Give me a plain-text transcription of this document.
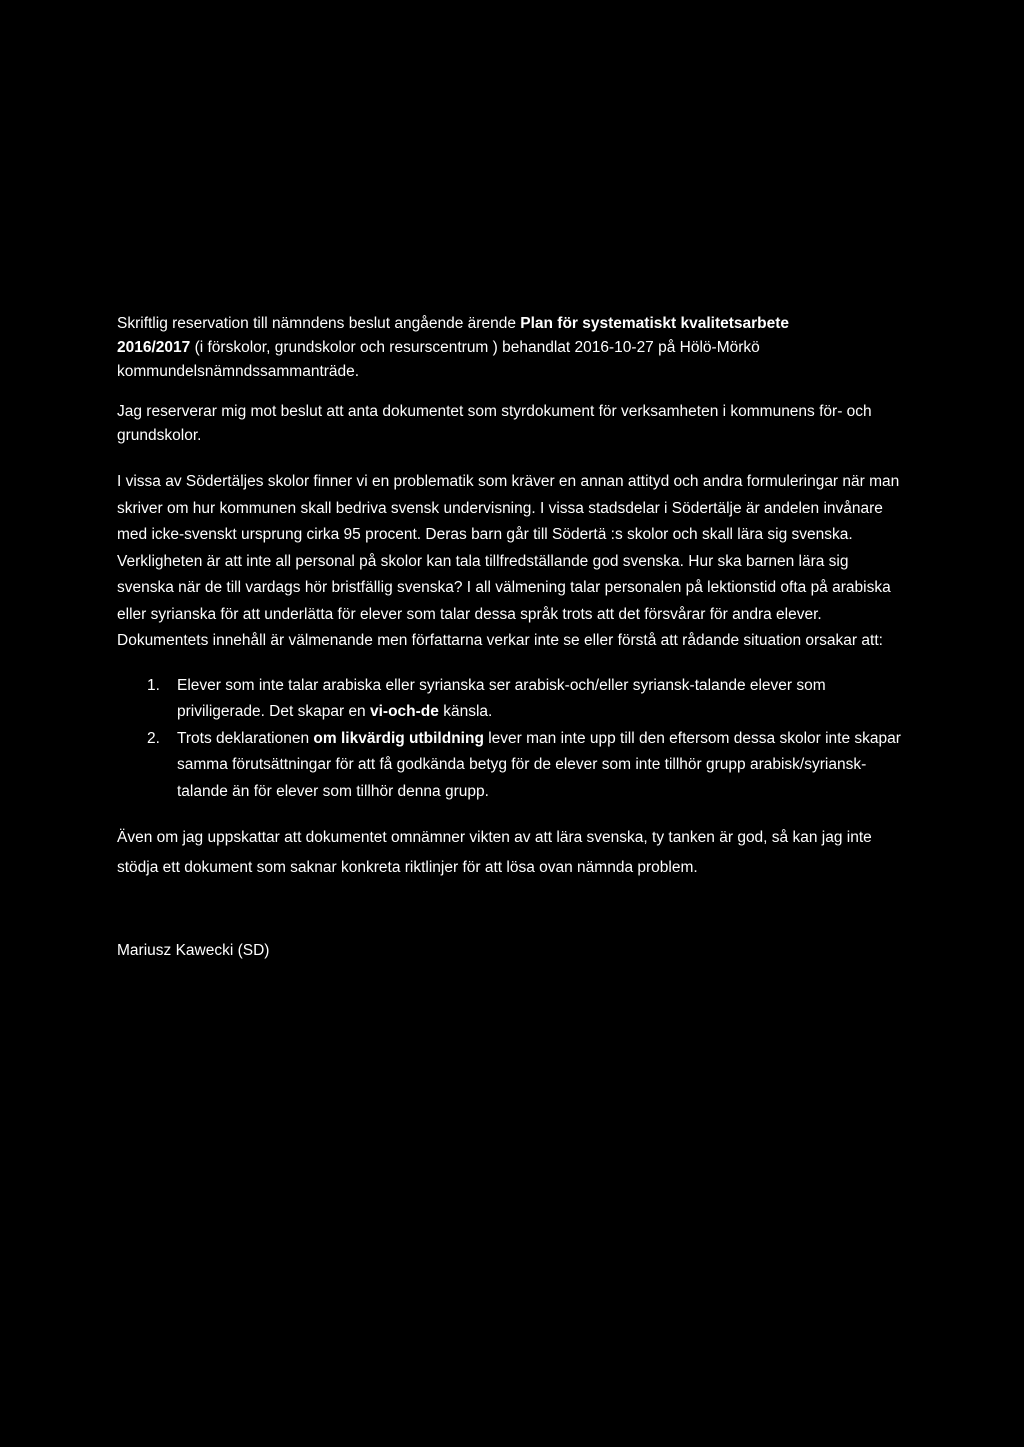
Skriftlig reservation till nämndens beslut angående ärende Plan för systematiskt kvalitetsarbete
2016/2017 (i förskolor, grundskolor och resurscentrum ) behandlat 2016-10-27 på Hölö-Mörkö kommundelsnämndssammanträde.

Jag reserverar mig mot beslut att anta dokumentet som styrdokument för verksamheten i kommunens för- och grundskolor.

I vissa av Södertäljes skolor finner vi en problematik som kräver en annan attityd och andra formuleringar när man skriver om hur kommunen skall bedriva svensk undervisning. I vissa stadsdelar i Södertälje är andelen invånare med icke-svenskt ursprung cirka 95 procent. Deras barn går till Södertä :s skolor och skall lära sig svenska. Verkligheten är att inte all personal på skolor kan tala tillfredställande god svenska. Hur ska barnen lära sig svenska när de till vardags hör bristfällig svenska? I all välmening talar personalen på lektionstid ofta på arabiska eller syrianska för att underlätta för elever som talar dessa språk trots att det försvårar för andra elever. Dokumentets innehåll är välmenande men författarna verkar inte se eller förstå att rådande situation orsakar att:

1. Elever som inte talar arabiska eller syrianska ser arabisk-och/eller syriansk-talande elever som priviligerade. Det skapar en vi-och-de känsla.
2. Trots deklarationen om likvärdig utbildning lever man inte upp till den eftersom dessa skolor inte skapar samma förutsättningar för att få godkända betyg för de elever som inte tillhör grupp arabisk/syriansk-talande än för elever som tillhör denna grupp.

Även om jag uppskattar att dokumentet omnämner vikten av att lära svenska, ty tanken är god, så kan jag inte stödja ett dokument som saknar konkreta riktlinjer för att lösa ovan nämnda problem.

Mariusz Kawecki (SD)
